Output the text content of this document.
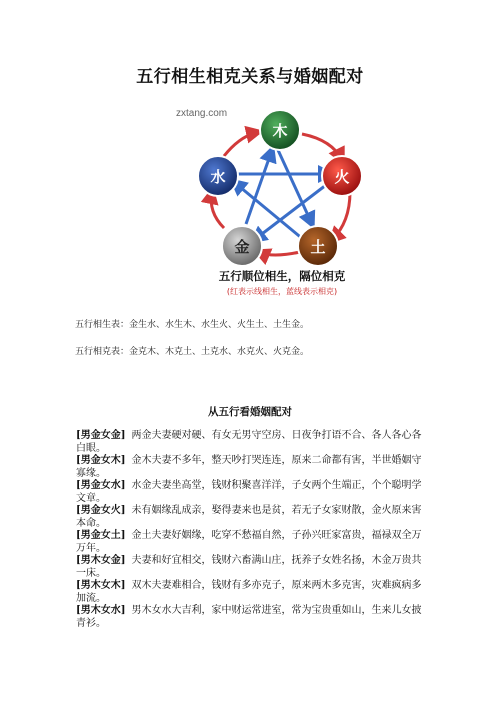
五行相生相克关系与婚姻配对
zxtang.com
木
火
土
金
水
五行顺位相生，隔位相克
(红表示线相生，蓝线表示相克)
五行相生表：金生水、水生木、水生火、火生土、土生金。
五行相克表：金克木、木克土、土克水、水克火、火克金。
从五行看婚姻配对

[男金女金] 两金夫妻硬对硬、有女无男守空房、日夜争打语不合、各人各心各白眼。

[男金女木] 金木夫妻不多年，整天吵打哭连连，原来二命都有害，半世婚姻守寡缘。

[男金女水] 水金夫妻坐高堂，钱财积聚喜洋洋，子女两个生端正，个个聪明学文章。

[男金女火] 未有姻缘乱成亲，娶得妻来也是贫，若无子女家财散，金火原来害本命。

[男金女土] 金土夫妻好姻缘，吃穿不愁福自然，子孙兴旺家富贵，福禄双全万万年。

[男木女金] 夫妻和好宜相交，钱财六畜满山庄，抚养子女姓名扬，木金万贵共一床。

[男木女木] 双木夫妻难相合，钱财有多亦克子，原来两木多克害，灾难疯病多加流。

[男木女水] 男木女水大吉利，家中财运常进室，常为宝贵重如山，生来儿女披青衫。
